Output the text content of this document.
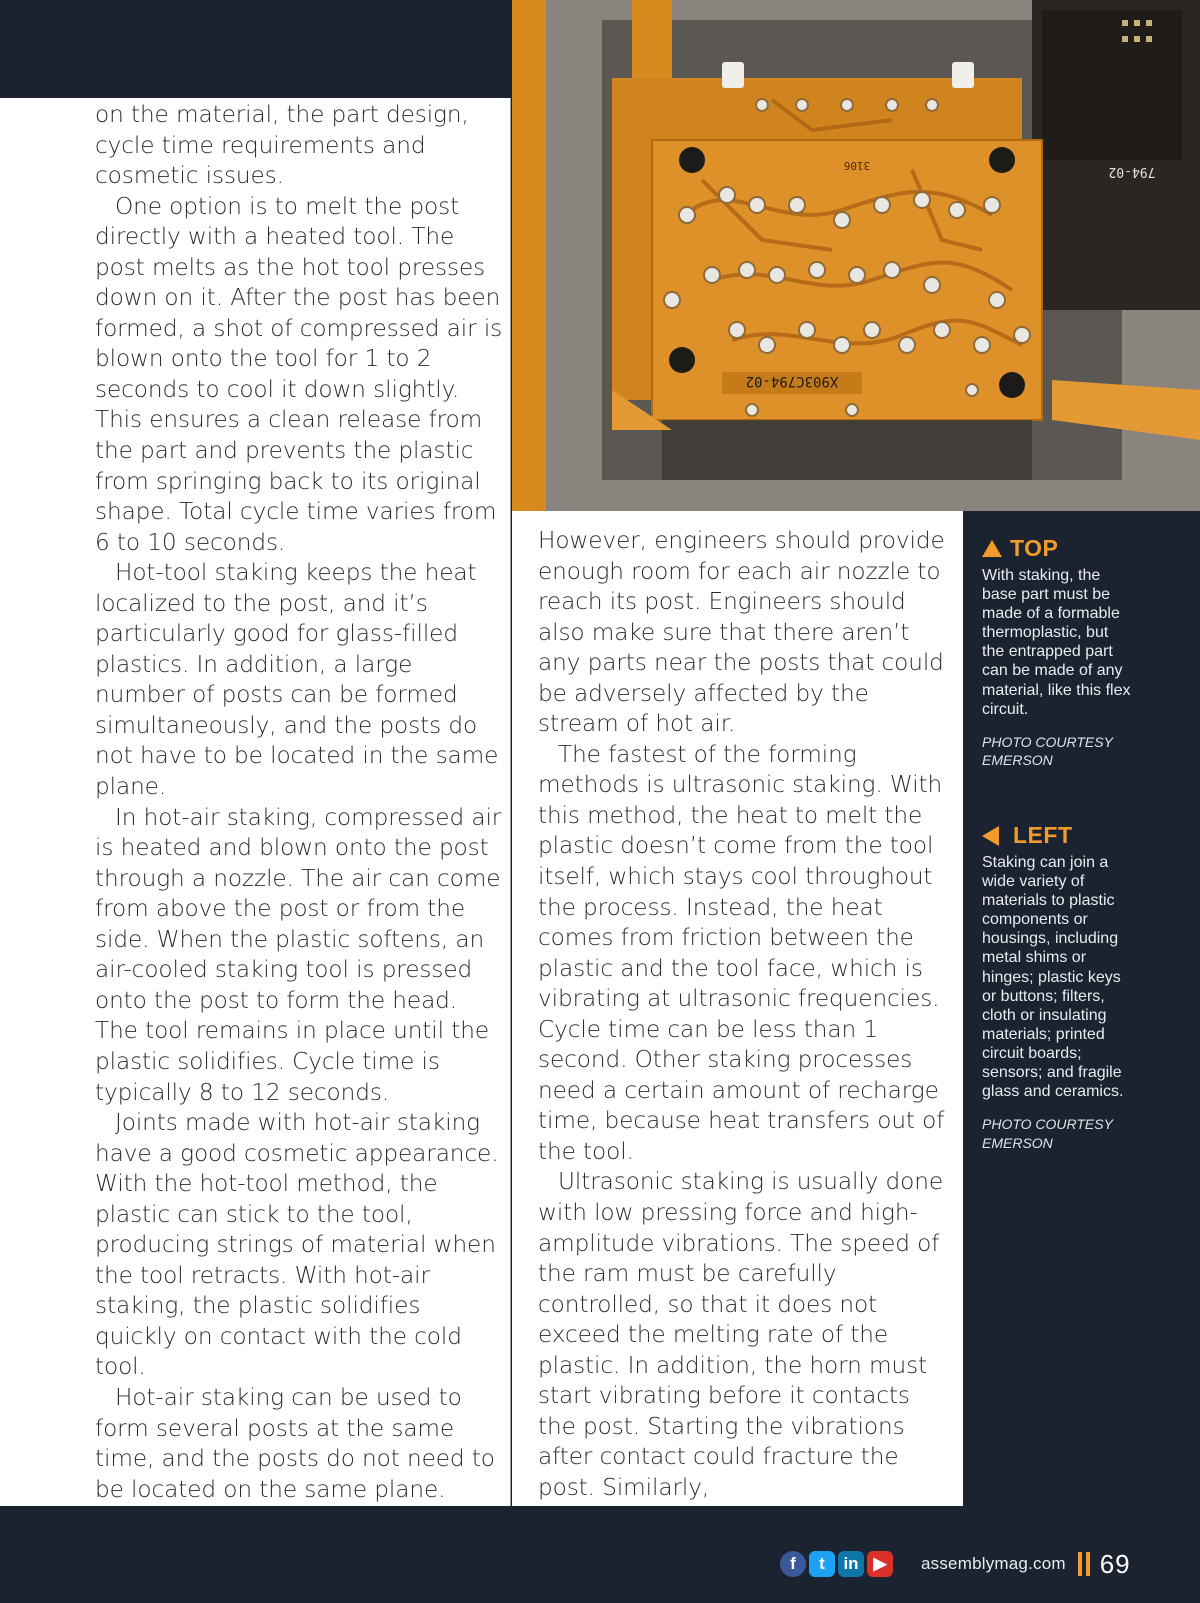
X903C794-02
3106	794-02

on the material, the part design, cycle time requirements and cosmetic issues.

One option is to melt the post directly with a heated tool. The post melts as the hot tool presses down on it. After the post has been formed, a shot of compressed air is blown onto the tool for 1 to 2 seconds to cool it down slightly. This ensures a clean release from the part and prevents the plastic from springing back to its original shape. Total cycle time varies from 6 to 10 seconds.

Hot-tool staking keeps the heat localized to the post, and it’s particularly good for glass-filled plastics. In addition, a large number of posts can be formed simultaneously, and the posts do not have to be located in the same plane.

In hot-air staking, compressed air is heated and blown onto the post through a nozzle. The air can come from above the post or from the side. When the plastic softens, an air-cooled staking tool is pressed onto the post to form the head. The tool remains in place until the plastic solidifies. Cycle time is typically 8 to 12 seconds.

Joints made with hot-air staking have a good cosmetic appearance. With the hot-tool method, the plastic can stick to the tool, producing strings of material when the tool retracts. With hot-air staking, the plastic solidifies quickly on contact with the cold tool.

Hot-air staking can be used to form several posts at the same time, and the posts do not need to be located on the same plane.

However, engineers should provide enough room for each air nozzle to reach its post. Engineers should also make sure that there aren’t any parts near the posts that could be adversely affected by the stream of hot air.

The fastest of the forming methods is ultrasonic staking. With this method, the heat to melt the plastic doesn’t come from the tool itself, which stays cool throughout the process. Instead, the heat comes from friction between the plastic and the tool face, which is vibrating at ultrasonic frequencies. Cycle time can be less than 1 second. Other staking processes need a certain amount of recharge time, because heat transfers out of the tool.

Ultrasonic staking is usually done with low pressing force and high-amplitude vibrations. The speed of the ram must be carefully controlled, so that it does not exceed the melting rate of the plastic. In addition, the horn must start vibrating before it contacts the post. Starting the vibrations after contact could fracture the post. Similarly,

TOP

With staking, the base part must be made of a formable thermoplastic, but the entrapped part can be made of any material, like this flex circuit.

PHOTO COURTESY EMERSON
LEFT

Staking can join a wide variety of materials to plastic components or housings, including metal shims or hinges; plastic keys or buttons; filters, cloth or insulating materials; printed circuit boards; sensors; and fragile glass and ceramics.

PHOTO COURTESY EMERSON
f	t	in ▶	assemblymag.com 69
